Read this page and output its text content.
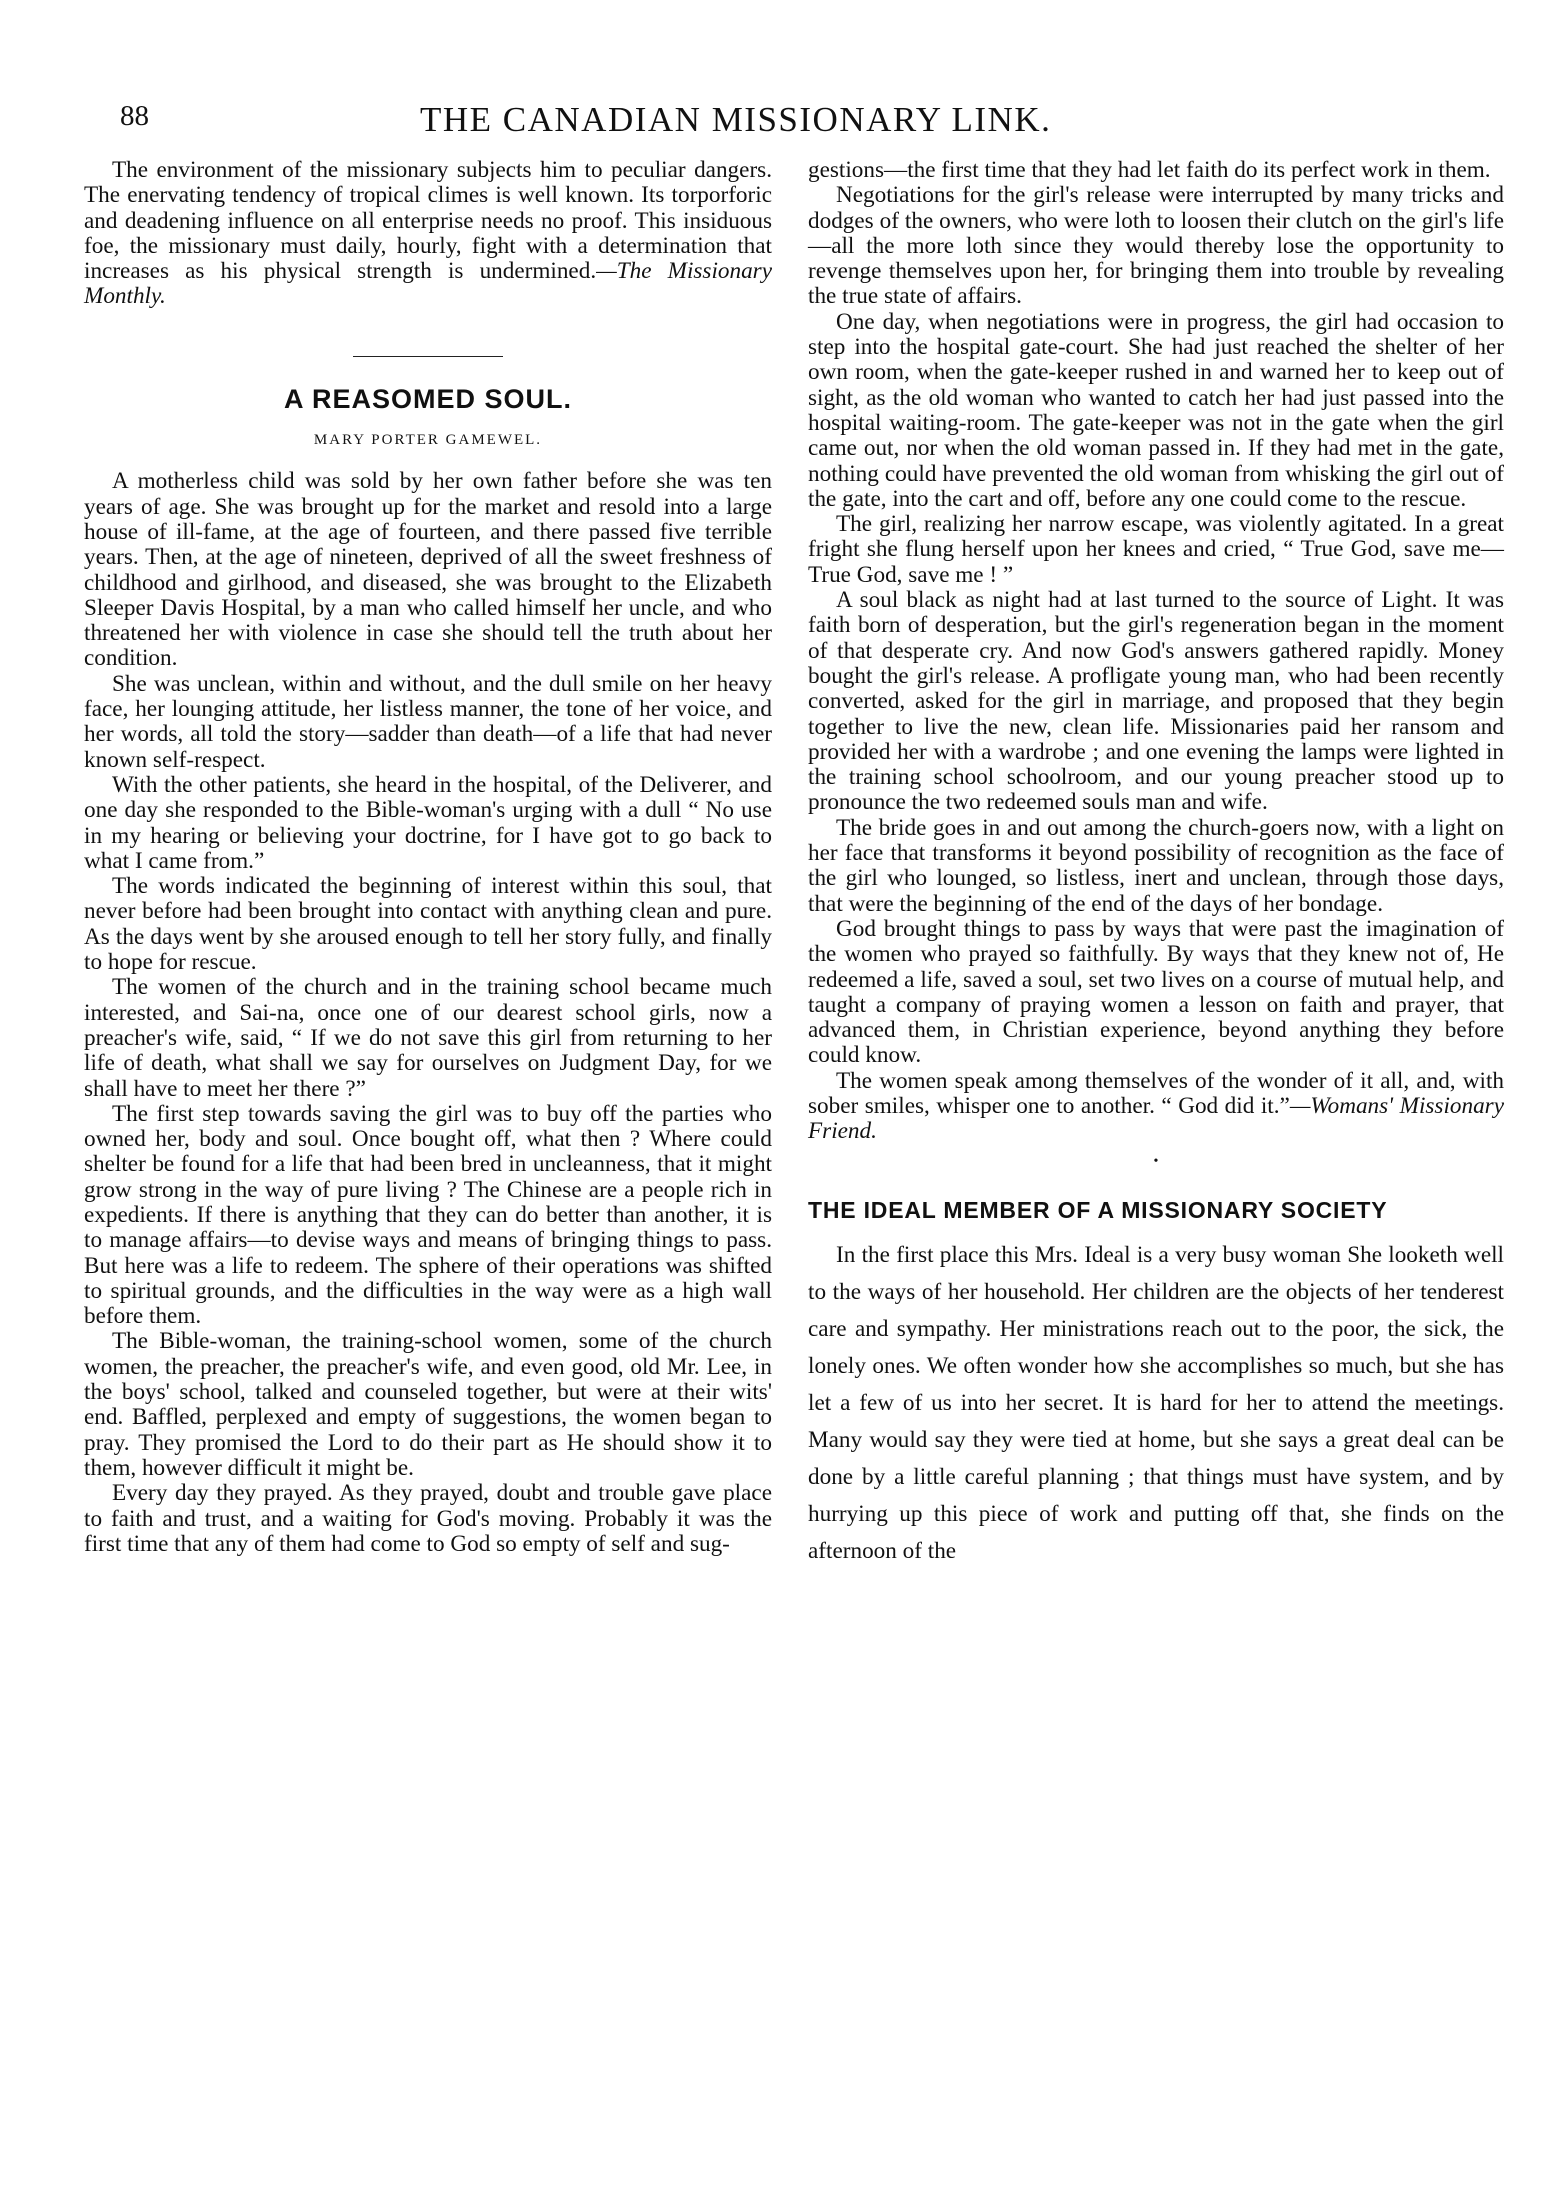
88	THE CANADIAN MISSIONARY LINK.

The environment of the missionary subjects him to peculiar dangers. The enervating tendency of tropical climes is well known. Its torporforic and deadening influence on all enterprise needs no proof. This insiduous foe, the missionary must daily, hourly, fight with a determination that increases as his physical strength is undermined.—The Missionary Monthly.

A REASOMED SOUL.
MARY PORTER GAMEWEL.

A motherless child was sold by her own father before she was ten years of age. She was brought up for the market and resold into a large house of ill-fame, at the age of fourteen, and there passed five terrible years. Then, at the age of nineteen, deprived of all the sweet freshness of childhood and girlhood, and diseased, she was brought to the Elizabeth Sleeper Davis Hospital, by a man who called himself her uncle, and who threatened her with violence in case she should tell the truth about her condition.

She was unclean, within and without, and the dull smile on her heavy face, her lounging attitude, her listless manner, the tone of her voice, and her words, all told the story—sadder than death—of a life that had never known self-respect.

With the other patients, she heard in the hospital, of the Deliverer, and one day she responded to the Bible-woman's urging with a dull “ No use in my hearing or believing your doctrine, for I have got to go back to what I came from.”

The words indicated the beginning of interest within this soul, that never before had been brought into contact with anything clean and pure. As the days went by she aroused enough to tell her story fully, and finally to hope for rescue.

The women of the church and in the training school became much interested, and Sai-na, once one of our dearest school girls, now a preacher's wife, said, “ If we do not save this girl from returning to her life of death, what shall we say for ourselves on Judgment Day, for we shall have to meet her there ?”

The first step towards saving the girl was to buy off the parties who owned her, body and soul. Once bought off, what then ? Where could shelter be found for a life that had been bred in uncleanness, that it might grow strong in the way of pure living ? The Chinese are a people rich in expedients. If there is anything that they can do better than another, it is to manage affairs—to devise ways and means of bringing things to pass. But here was a life to redeem. The sphere of their operations was shifted to spiritual grounds, and the difficulties in the way were as a high wall before them.

The Bible-woman, the training-school women, some of the church women, the preacher, the preacher's wife, and even good, old Mr. Lee, in the boys' school, talked and counseled together, but were at their wits' end. Baffled, perplexed and empty of suggestions, the women began to pray. They promised the Lord to do their part as He should show it to them, however difficult it might be.

Every day they prayed. As they prayed, doubt and trouble gave place to faith and trust, and a waiting for God's moving. Probably it was the first time that any of them had come to God so empty of self and sug-

gestions—the first time that they had let faith do its perfect work in them.

Negotiations for the girl's release were interrupted by many tricks and dodges of the owners, who were loth to loosen their clutch on the girl's life—all the more loth since they would thereby lose the opportunity to revenge themselves upon her, for bringing them into trouble by revealing the true state of affairs.

One day, when negotiations were in progress, the girl had occasion to step into the hospital gate-court. She had just reached the shelter of her own room, when the gate-keeper rushed in and warned her to keep out of sight, as the old woman who wanted to catch her had just passed into the hospital waiting-room. The gate-keeper was not in the gate when the girl came out, nor when the old woman passed in. If they had met in the gate, nothing could have prevented the old woman from whisking the girl out of the gate, into the cart and off, before any one could come to the rescue.

The girl, realizing her narrow escape, was violently agitated. In a great fright she flung herself upon her knees and cried, “ True God, save me—True God, save me ! ”

A soul black as night had at last turned to the source of Light. It was faith born of desperation, but the girl's regeneration began in the moment of that desperate cry. And now God's answers gathered rapidly. Money bought the girl's release. A profligate young man, who had been recently converted, asked for the girl in marriage, and proposed that they begin together to live the new, clean life. Missionaries paid her ransom and provided her with a wardrobe ; and one evening the lamps were lighted in the training school schoolroom, and our young preacher stood up to pronounce the two redeemed souls man and wife.

The bride goes in and out among the church-goers now, with a light on her face that transforms it beyond possibility of recognition as the face of the girl who lounged, so listless, inert and unclean, through those days, that were the beginning of the end of the days of her bondage.

God brought things to pass by ways that were past the imagination of the women who prayed so faithfully. By ways that they knew not of, He redeemed a life, saved a soul, set two lives on a course of mutual help, and taught a company of praying women a lesson on faith and prayer, that advanced them, in Christian experience, beyond anything they before could know.

The women speak among themselves of the wonder of it all, and, with sober smiles, whisper one to another. “ God did it.”—Womans' Missionary Friend.

•
THE IDEAL MEMBER OF A MISSIONARY SOCIETY

In the first place this Mrs. Ideal is a very busy woman She looketh well to the ways of her household. Her children are the objects of her tenderest care and sympathy. Her ministrations reach out to the poor, the sick, the lonely ones. We often wonder how she accomplishes so much, but she has let a few of us into her secret. It is hard for her to attend the meetings. Many would say they were tied at home, but she says a great deal can be done by a little careful planning ; that things must have system, and by hurrying up this piece of work and putting off that, she finds on the afternoon of the
